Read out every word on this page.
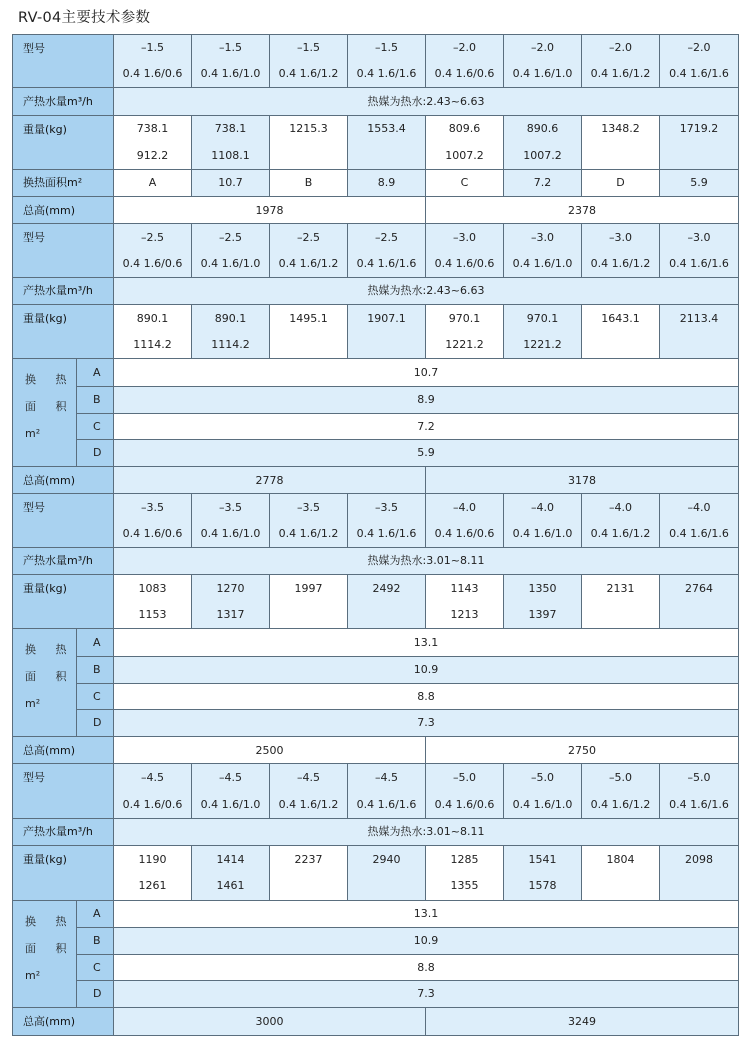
RV-04主要技术参数
型号		–1.5	–1.5	–1.5	–1.5	–2.0	–2.0	–2.0	–2.0
		0.4 1.6/0.6	0.4 1.6/1.0	0.4 1.6/1.2	0.4 1.6/1.6	0.4 1.6/0.6	0.4 1.6/1.0	0.4 1.6/1.2	0.4 1.6/1.6
产热水量m³/h		热媒为热水:2.43~6.63							
重量(kg)		738.1	738.1	1215.3	1553.4	809.6	890.6	1348.2	1719.2
		912.2	1108.1			1007.2	1007.2		
换热面积m²		A	10.7	B	8.9	C	7.2	D	5.9
总高(mm)		1978				2378			
型号		–2.5	–2.5	–2.5	–2.5	–3.0	–3.0	–3.0	–3.0
		0.4 1.6/0.6	0.4 1.6/1.0	0.4 1.6/1.2	0.4 1.6/1.6	0.4 1.6/0.6	0.4 1.6/1.0	0.4 1.6/1.2	0.4 1.6/1.6
产热水量m³/h		热媒为热水:2.43~6.63							
重量(kg)		890.1	890.1	1495.1	1907.1	970.1	970.1	1643.1	2113.4
		1114.2	1114.2			1221.2	1221.2		

换 热
面 积
m²	A	10.7							
	B	8.9							
	C	7.2							
	D	5.9							
总高(mm)		2778				3178			
型号		–3.5	–3.5	–3.5	–3.5	–4.0	–4.0	–4.0	–4.0
		0.4 1.6/0.6	0.4 1.6/1.0	0.4 1.6/1.2	0.4 1.6/1.6	0.4 1.6/0.6	0.4 1.6/1.0	0.4 1.6/1.2	0.4 1.6/1.6
产热水量m³/h		热媒为热水:3.01~8.11							
重量(kg)		1083	1270	1997	2492	1143	1350	2131	2764
		1153	1317			1213	1397		

换 热
面 积
m²	A	13.1							
	B	10.9							
	C	8.8							
	D	7.3							
总高(mm)		2500				2750			
型号		–4.5	–4.5	–4.5	–4.5	–5.0	–5.0	–5.0	–5.0
		0.4 1.6/0.6	0.4 1.6/1.0	0.4 1.6/1.2	0.4 1.6/1.6	0.4 1.6/0.6	0.4 1.6/1.0	0.4 1.6/1.2	0.4 1.6/1.6
产热水量m³/h		热媒为热水:3.01~8.11							
重量(kg)		1190	1414	2237	2940	1285	1541	1804	2098
		1261	1461			1355	1578		

换 热
面 积
m²	A	13.1							
	B	10.9							
	C	8.8							
	D	7.3							
总高(mm)		3000				3249			
